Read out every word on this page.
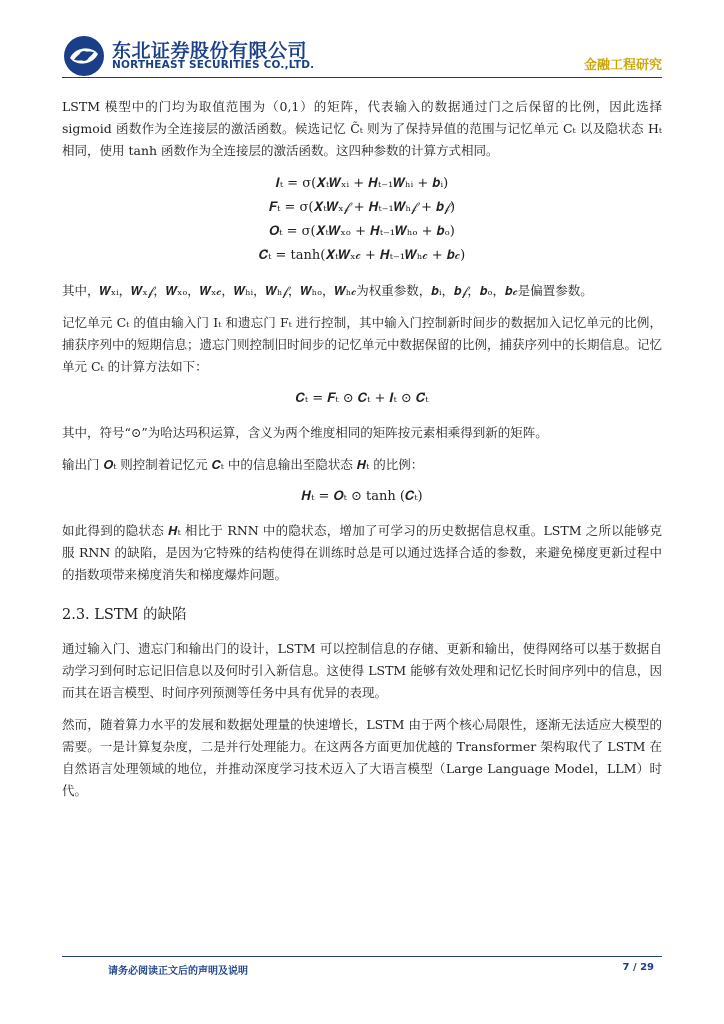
东北证券股份有限公司
NORTHEAST SECURITIES CO.,LTD.	金融工程研究

LSTM 模型中的门均为取值范围为（0,1）的矩阵，代表输入的数据通过门之后保留的比例，因此选择 sigmoid 函数作为全连接层的激活函数。候选记忆 C̃ₜ 则为了保持异值的范围与记忆单元 Cₜ 以及隐状态 Hₜ 相同，使用 tanh 函数作为全连接层的激活函数。这四种参数的计算方式相同。

𝑰ₜ = σ(𝑿ₜ𝑾ₓᵢ + 𝑯ₜ₋₁𝑾ₕᵢ + 𝒃ᵢ)
𝑭ₜ = σ(𝑿ₜ𝑾ₓ𝒻 + 𝑯ₜ₋₁𝑾ₕ𝒻 + 𝒃𝒻)
𝑶ₜ = σ(𝑿ₜ𝑾ₓₒ + 𝑯ₜ₋₁𝑾ₕₒ + 𝒃ₒ)
𝑪̃ₜ = tanh(𝑿ₜ𝑾ₓ𝒸 + 𝑯ₜ₋₁𝑾ₕ𝒸 + 𝒃𝒸)

其中，𝑾ₓᵢ，𝑾ₓ𝒻，𝑾ₓₒ，𝑾ₓ𝒸，𝑾ₕᵢ，𝑾ₕ𝒻，𝑾ₕₒ，𝑾ₕ𝒸为权重参数，𝒃ᵢ，𝒃𝒻，𝒃ₒ，𝒃𝒸是偏置参数。

记忆单元 Cₜ 的值由输入门 Iₜ 和遗忘门 Fₜ 进行控制，其中输入门控制新时间步的数据加入记忆单元的比例，捕获序列中的短期信息；遗忘门则控制旧时间步的记忆单元中数据保留的比例，捕获序列中的长期信息。记忆单元 Cₜ 的计算方法如下：

𝑪ₜ = 𝑭ₜ ⊙ 𝑪ₜ + 𝑰ₜ ⊙ 𝑪̃ₜ

其中，符号“⊙”为哈达玛积运算，含义为两个维度相同的矩阵按元素相乘得到新的矩阵。

输出门 𝑶ₜ 则控制着记忆元 𝑪ₜ 中的信息输出至隐状态 𝑯ₜ 的比例：

𝑯ₜ = 𝑶ₜ ⊙ tanh (𝑪ₜ)

如此得到的隐状态 𝑯ₜ 相比于 RNN 中的隐状态，增加了可学习的历史数据信息权重。LSTM 之所以能够克服 RNN 的缺陷，是因为它特殊的结构使得在训练时总是可以通过选择合适的参数，来避免梯度更新过程中的指数项带来梯度消失和梯度爆炸问题。

2.3. LSTM 的缺陷

通过输入门、遗忘门和输出门的设计，LSTM 可以控制信息的存储、更新和输出，使得网络可以基于数据自动学习到何时忘记旧信息以及何时引入新信息。这使得 LSTM 能够有效处理和记忆长时间序列中的信息，因而其在语言模型、时间序列预测等任务中具有优异的表现。

然而，随着算力水平的发展和数据处理量的快速增长，LSTM 由于两个核心局限性，逐渐无法适应大模型的需要。一是计算复杂度，二是并行处理能力。在这两各方面更加优越的 Transformer 架构取代了 LSTM 在自然语言处理领域的地位，并推动深度学习技术迈入了大语言模型（Large Language Model，LLM）时代。

请务必阅读正文后的声明及说明	7 / 29
